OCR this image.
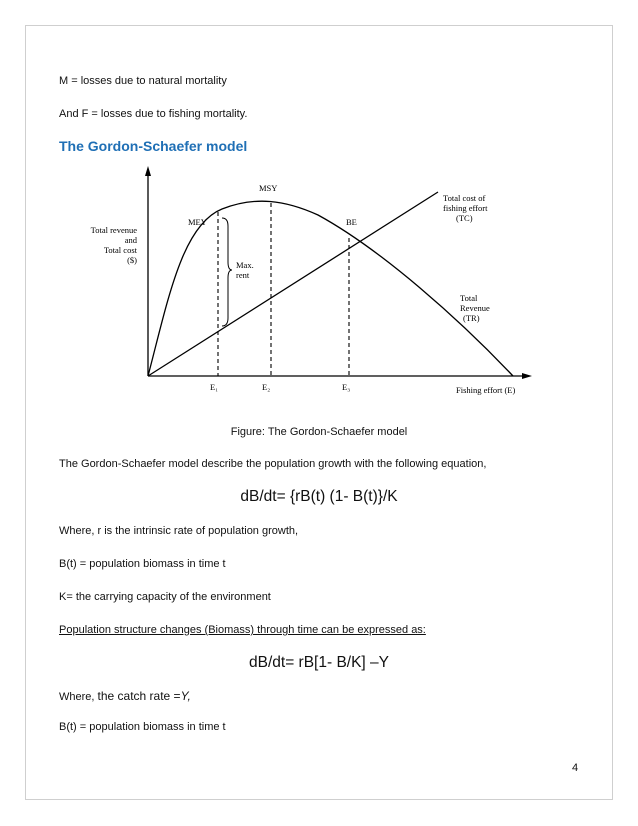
M = losses due to natural mortality
And F = losses due to fishing mortality.
The Gordon-Schaefer model
Total revenue
and
Total cost
($)
MSY
MEY	BE
Max.
rent
Total cost of
fishing effort
(TC)
Total
Revenue
(TR)
E₁	E₂	E₃	Fishing effort (E)
Figure: The Gordon-Schaefer model
The Gordon-Schaefer model describe the population growth with the following equation,
dB/dt= {rB(t) (1- B(t)}/K
Where, r is the intrinsic rate of population growth,
B(t) = population biomass in time t
K= the carrying capacity of the environment
Population structure changes (Biomass) through time can be expressed as:
dB/dt= rB[1- B/K] –Y
Where, the catch rate =Y,
B(t) = population biomass in time t
4
